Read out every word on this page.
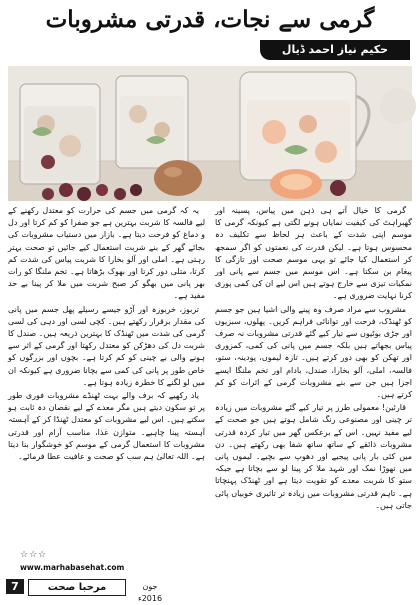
گرمی سے نجات، قدرتی مشروبات
حکیم نیاز احمد ڈیال

گرمی کا خیال آتے ہی ذہن میں پیاس، پسینہ اور گھبراہٹ کی کیفیت نمایاں ہونے لگتی ہے کیونکہ گرمی کا موسم اپنی شدت کے باعث ہر لحاظ سے تکلیف دہ محسوس ہوتا ہے۔ لیکن قدرت کی نعمتوں کو اگر سمجھ کر استعمال کیا جائے تو یہی موسم صحت اور تازگی کا پیغام بن سکتا ہے۔ اس موسم میں جسم سے پانی اور نمکیات تیزی سے خارج ہوتے ہیں اس لیے ان کی کمی پوری کرنا نہایت ضروری ہے۔

مشروب سے مراد صرف وہ پینے والی اشیا ہیں جو جسم کو ٹھنڈک، فرحت اور توانائی فراہم کریں۔ پھلوں، سبزیوں اور جڑی بوٹیوں سے تیار کیے گئے قدرتی مشروبات نہ صرف پیاس بجھاتے ہیں بلکہ جسم میں پانی کی کمی، کمزوری اور تھکن کو بھی دور کرتے ہیں۔ تازہ لیموں، پودینہ، ستو، فالسہ، املی، آلو بخارا، صندل، بادام اور تخم ملنگا ایسے اجزا ہیں جن سے بنے مشروبات گرمی کے اثرات کو کم کرتے ہیں۔

قارئین! معمولی طرز پر تیار کیے گئے مشروبات میں زیادہ تر چینی اور مصنوعی رنگ شامل ہوتے ہیں جو صحت کے لیے مفید نہیں۔ اس کے برعکس گھر میں تیار کردہ قدرتی مشروبات ذائقے کے ساتھ ساتھ شفا بھی رکھتے ہیں۔ دن میں کئی بار پانی پیجیے اور دھوپ سے بچیے۔ لیموں پانی میں تھوڑا نمک اور شہد ملا کر پینا لو سے بچاتا ہے جبکہ ستو کا شربت معدے کو تقویت دیتا ہے اور ٹھنڈک پہنچاتا ہے۔ تاہم قدرتی مشروبات میں زیادہ تر تاثیری خوبیاں پائی جاتی ہیں۔

یہ کہ گرمی میں جسم کی حرارت کو معتدل رکھنے کے لیے فالسہ کا شربت بہترین ہے جو صفرا کو کم کرتا اور دل و دماغ کو فرحت دیتا ہے۔ بازار میں دستیاب مشروبات کی بجائے گھر کے بنے شربت استعمال کیے جائیں تو صحت بہتر رہتی ہے۔ املی اور آلو بخارا کا شربت پیاس کی شدت کم کرتا، متلی دور کرتا اور بھوک بڑھاتا ہے۔ تخم ملنگا کو رات بھر پانی میں بھگو کر صبح شربت میں ملا کر پینا بے حد مفید ہے۔

تربوز، خربوزہ اور آڑو جیسے رسیلے پھل جسم میں پانی کی مقدار برقرار رکھتے ہیں۔ کچی لسی اور دہی کی لسی گرمی کی شدت میں ٹھنڈک کا بہترین ذریعہ ہیں۔ صندل کا شربت دل کی دھڑکن کو معتدل رکھتا اور گرمی کے اثر سے ہونے والی بے چینی کو کم کرتا ہے۔ بچوں اور بزرگوں کو خاص طور پر پانی کی کمی سے بچانا ضروری ہے کیونکہ ان میں لو لگنے کا خطرہ زیادہ ہوتا ہے۔

یاد رکھیے کہ برف والے بہت ٹھنڈے مشروبات فوری طور پر تو سکون دیتے ہیں مگر معدے کے لیے نقصان دہ ثابت ہو سکتے ہیں۔ اس لیے مشروبات کو معتدل ٹھنڈا کر کے آہستہ آہستہ پینا چاہیے۔ متوازن غذا، مناسب آرام اور قدرتی مشروبات کا استعمال گرمی کے موسم کو خوشگوار بنا دیتا ہے۔ اللہ تعالیٰ ہم سب کو صحت و عافیت عطا فرمائے۔

☆☆☆
www.marhabasehat.com
7	مرحبا صحت	جون 2016ء
